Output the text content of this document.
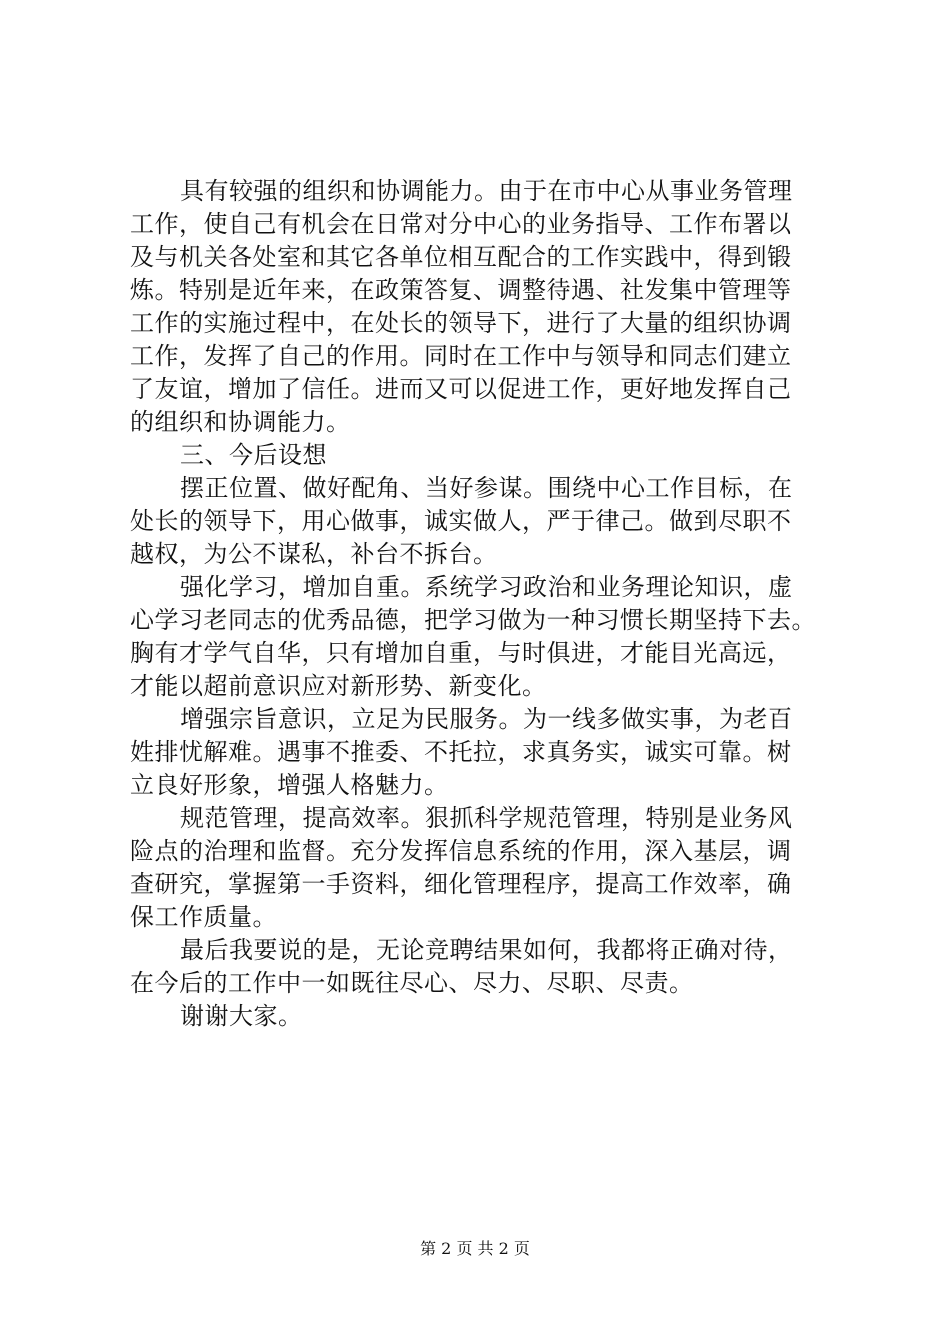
具有较强的组织和协调能力。由于在市中心从事业务管理
工作，使自己有机会在日常对分中心的业务指导、工作布署以
及与机关各处室和其它各单位相互配合的工作实践中，得到锻
炼。特别是近年来，在政策答复、调整待遇、社发集中管理等
工作的实施过程中，在处长的领导下，进行了大量的组织协调
工作，发挥了自己的作用。同时在工作中与领导和同志们建立
了友谊，增加了信任。进而又可以促进工作，更好地发挥自己
的组织和协调能力。
三、今后设想
摆正位置、做好配角、当好参谋。围绕中心工作目标，在
处长的领导下，用心做事，诚实做人，严于律己。做到尽职不
越权，为公不谋私，补台不拆台。
强化学习，增加自重。系统学习政治和业务理论知识，虚
心学习老同志的优秀品德，把学习做为一种习惯长期坚持下去。
胸有才学气自华，只有增加自重，与时俱进，才能目光高远，
才能以超前意识应对新形势、新变化。
增强宗旨意识，立足为民服务。为一线多做实事，为老百
姓排忧解难。遇事不推委、不托拉，求真务实，诚实可靠。树
立良好形象，增强人格魅力。
规范管理，提高效率。狠抓科学规范管理，特别是业务风
险点的治理和监督。充分发挥信息系统的作用，深入基层，调
查研究，掌握第一手资料，细化管理程序，提高工作效率，确
保工作质量。
最后我要说的是，无论竞聘结果如何，我都将正确对待，
在今后的工作中一如既往尽心、尽力、尽职、尽责。
谢谢大家。
第 2 页 共 2 页
